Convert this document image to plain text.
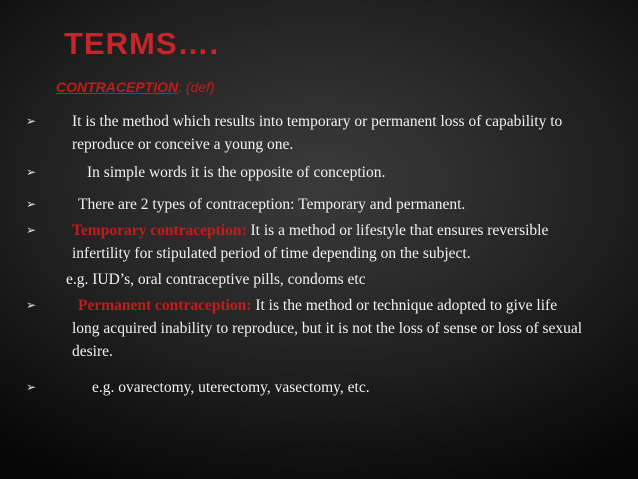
TERMS….
CONTRACEPTION: (def)
➢ It is the method which results into temporary or permanent loss of capability to reproduce or conceive a young one.
➢	In simple words it is the opposite of conception.
➢	There are 2 types of contraception: Temporary and permanent.
➢ Temporary contraception: It is a method or lifestyle that ensures reversible infertility for stipulated period of time depending on the subject.
e.g. IUD’s, oral contraceptive pills, condoms etc
➢	Permanent contraception: It is the method or technique adopted to give life long acquired inability to reproduce, but it is not the loss of sense or loss of sexual desire.
➢	e.g. ovarectomy, uterectomy, vasectomy, etc.
